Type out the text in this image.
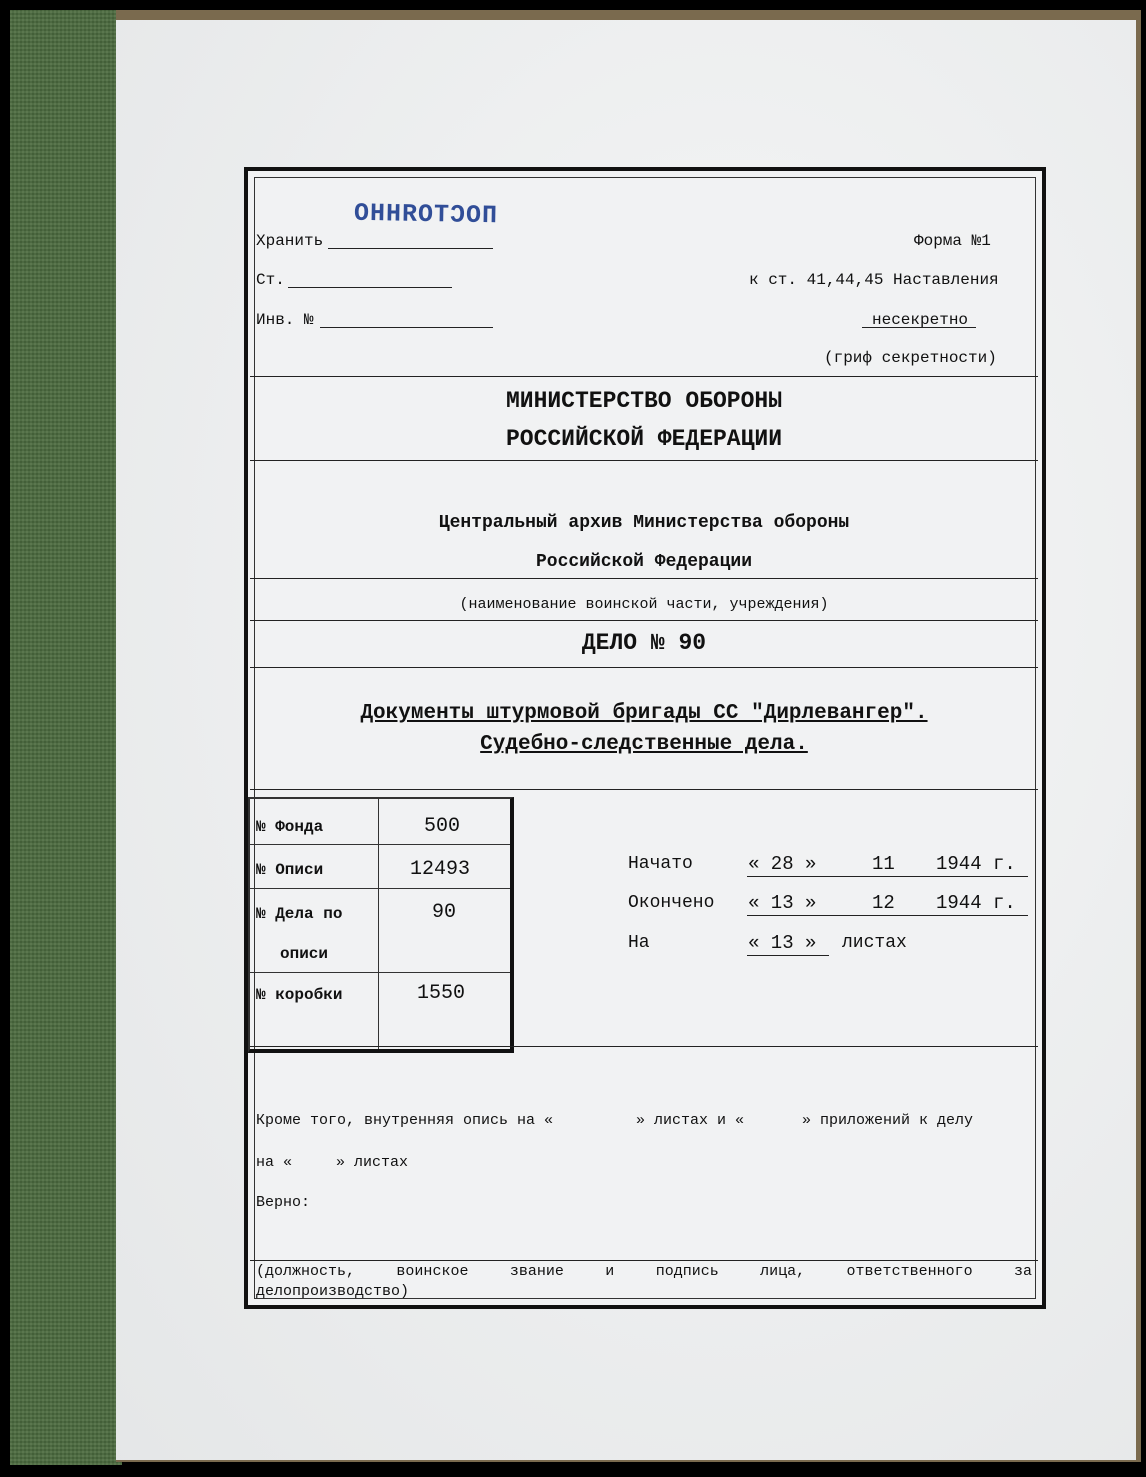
ПОСТОЯННО
Хранить	Форма №1
Ст.	к ст. 41,44,45 Наставления
Инв. №	несекретно
(гриф секретности)
МИНИСТЕРСТВО ОБОРОНЫ
РОССИЙСКОЙ ФЕДЕРАЦИИ
Центральный архив Министерства обороны
Российской Федерации
(наименование воинской части, учреждения)
ДЕЛО № 90
Документы штурмовой бригады СС "Дирлевангер".
Судебно-следственные дела.
№ Фонда	500
№ Описи	12493
№ Дела по	90
описи
№ коробки	1550
Начато	« 28 »	11 1944 г.
Окончено « 13 »	12 1944 г.
На	« 13 » листах
Кроме того, внутренняя опись на «	» листах и «	» приложений к делу
на «	» листах
Верно:
(должность, воинское звание и подпись лица, ответственного за
делопроизводство)
